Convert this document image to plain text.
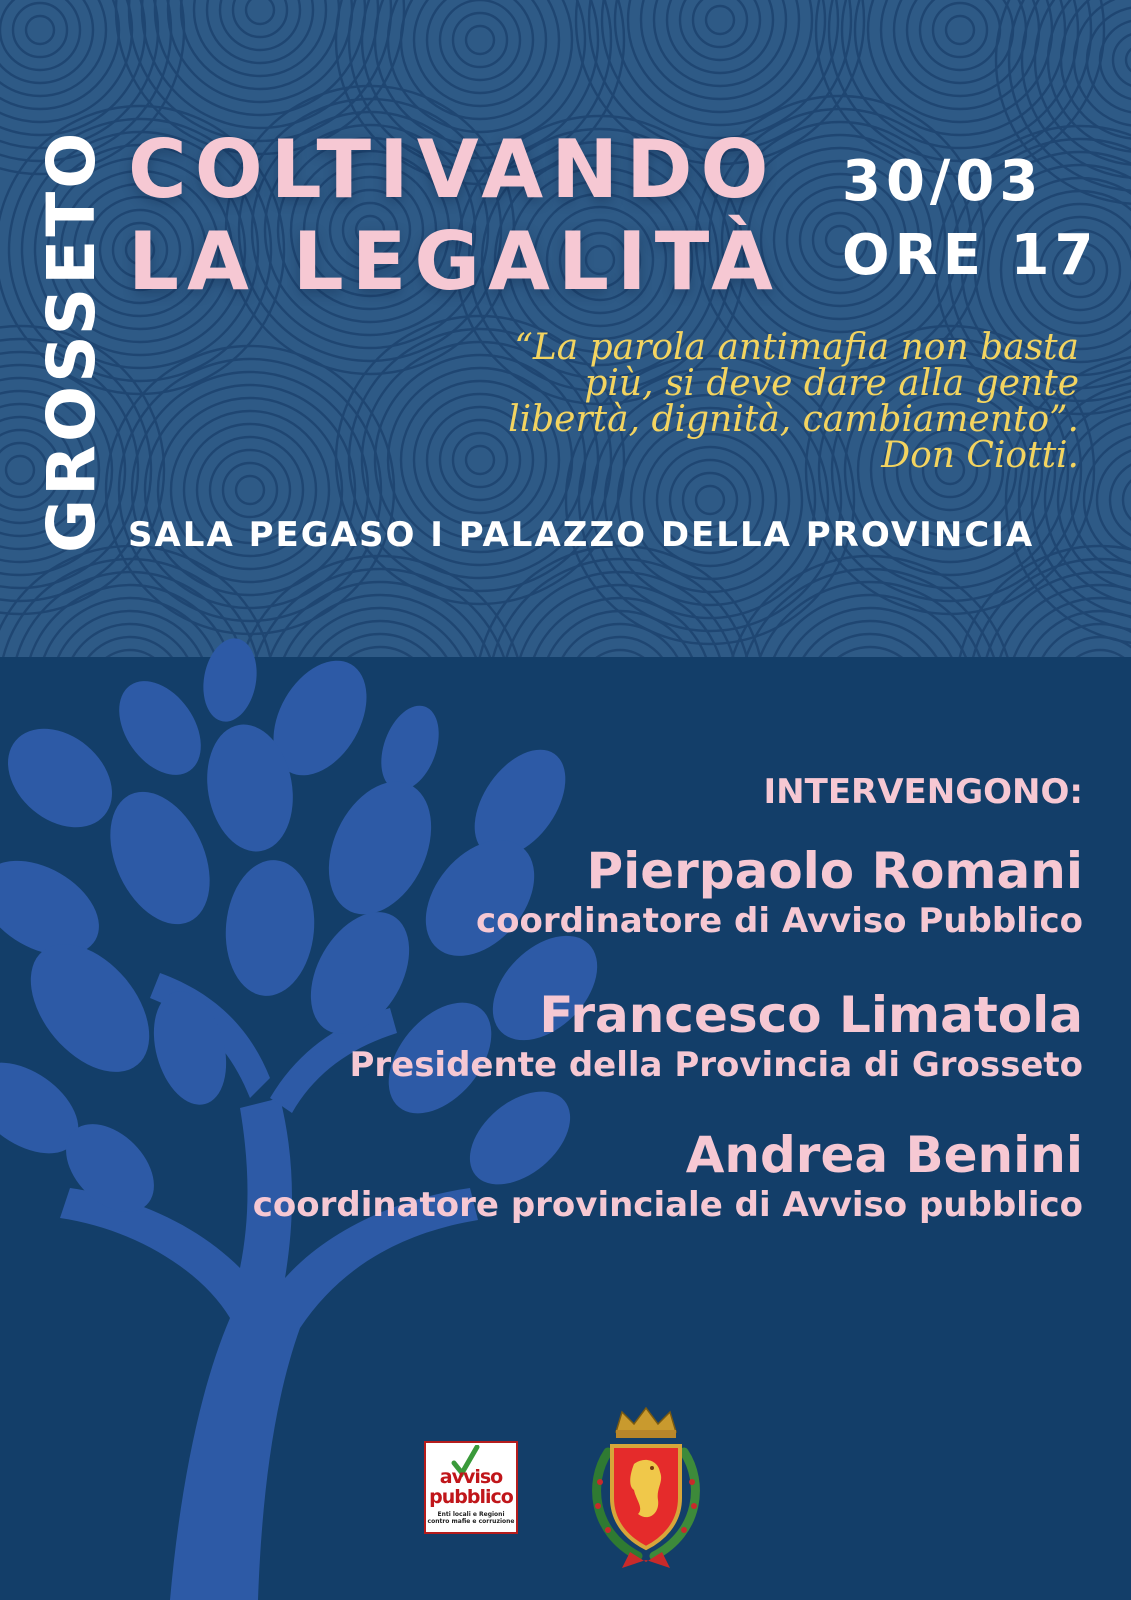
GROSSETO COLTIVANDO
LA LEGALITÀ
30/03
ORE 17
“La parola antimafia non basta
più, si deve dare alla gente
libertà, dignità, cambiamento”.
Don Ciotti.
SALA PEGASO I PALAZZO DELLA PROVINCIA
INTERVENGONO:
Pierpaolo Romani
coordinatore di Avviso Pubblico
Francesco Limatola
Presidente della Provincia di Grosseto
Andrea Benini
coordinatore provinciale di Avviso pubblico
avviso
pubblico
Enti locali e Regioni contro mafie e corruzione
